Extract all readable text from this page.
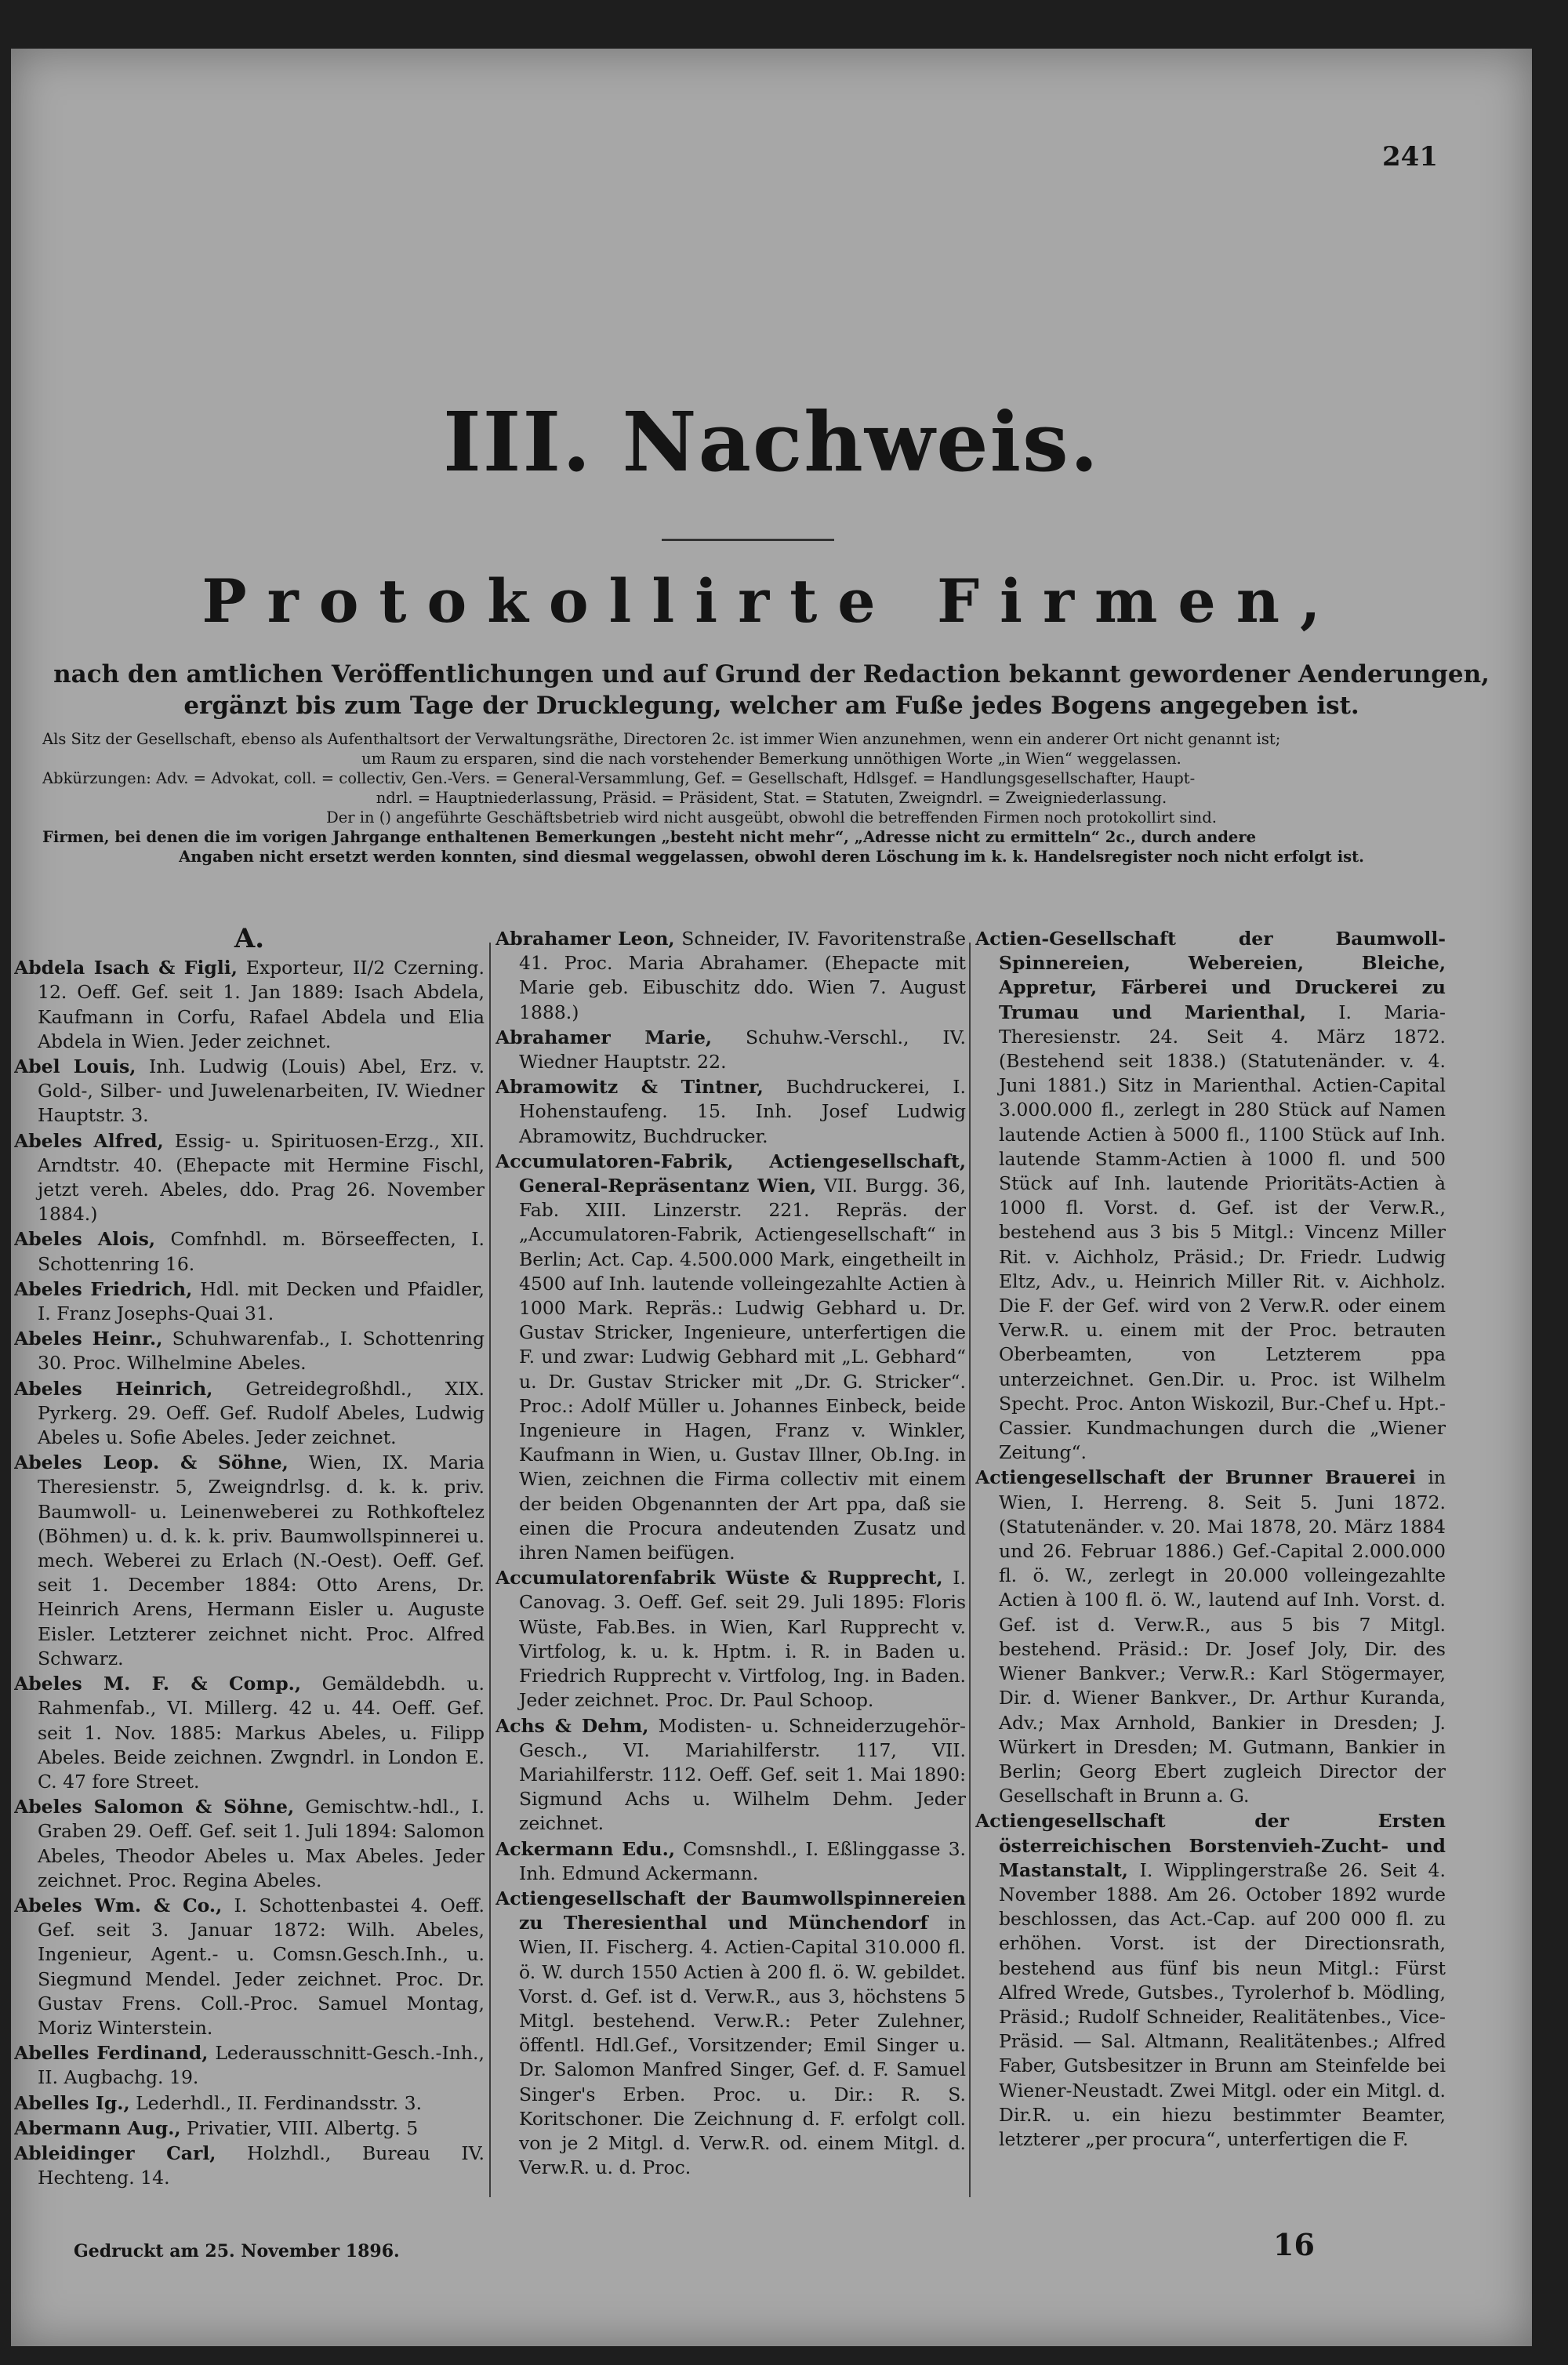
241
III. Nachweis.
Protokollirte Firmen,
nach den amtlichen Veröffentlichungen und auf Grund der Redaction bekannt gewordener Aenderungen,
ergänzt bis zum Tage der Drucklegung, welcher am Fuße jedes Bogens angegeben ist.
Als Sitz der Gesellschaft, ebenso als Aufenthaltsort der Verwaltungsräthe, Directoren 2c. ist immer Wien anzunehmen, wenn ein anderer Ort nicht genannt ist;
um Raum zu ersparen, sind die nach vorstehender Bemerkung unnöthigen Worte „in Wien“ weggelassen.
Abkürzungen: Adv. = Advokat, coll. = collectiv, Gen.-Vers. = General-Versammlung, Gef. = Gesellschaft, Hdlsgef. = Handlungsgesellschafter, Haupt-
ndrl. = Hauptniederlassung, Präsid. = Präsident, Stat. = Statuten, Zweigndrl. = Zweigniederlassung.
Der in () angeführte Geschäftsbetrieb wird nicht ausgeübt, obwohl die betreffenden Firmen noch protokollirt sind.
Firmen, bei denen die im vorigen Jahrgange enthaltenen Bemerkungen „besteht nicht mehr“, „Adresse nicht zu ermitteln“ 2c., durch andere
Angaben nicht ersetzt werden konnten, sind diesmal weggelassen, obwohl deren Löschung im k. k. Handelsregister noch nicht erfolgt ist.
A.
Abdela Isach & Figli, Exporteur, II/2 Czerning. 12. Oeff. Gef. seit 1. Jan 1889: Isach Abdela, Kaufmann in Corfu, Rafael Abdela und Elia Abdela in Wien. Jeder zeichnet.
Abel Louis, Inh. Ludwig (Louis) Abel, Erz. v. Gold-, Silber- und Juwelenarbeiten, IV. Wiedner Hauptstr. 3.
Abeles Alfred, Essig- u. Spirituosen-Erzg., XII. Arndtstr. 40. (Ehepacte mit Hermine Fischl, jetzt vereh. Abeles, ddo. Prag 26. November 1884.)
Abeles Alois, Comfnhdl. m. Börseeffecten, I. Schottenring 16.
Abeles Friedrich, Hdl. mit Decken und Pfaidler, I. Franz Josephs-Quai 31.
Abeles Heinr., Schuhwarenfab., I. Schottenring 30. Proc. Wilhelmine Abeles.
Abeles Heinrich, Getreidegroßhdl., XIX. Pyrkerg. 29. Oeff. Gef. Rudolf Abeles, Ludwig Abeles u. Sofie Abeles. Jeder zeichnet.
Abeles Leop. & Söhne, Wien, IX. Maria Theresienstr. 5, Zweigndrlsg. d. k. k. priv. Baumwoll- u. Leinenweberei zu Rothkoftelez (Böhmen) u. d. k. k. priv. Baumwollspinnerei u. mech. Weberei zu Erlach (N.-Oest). Oeff. Gef. seit 1. December 1884: Otto Arens, Dr. Heinrich Arens, Hermann Eisler u. Auguste Eisler. Letzterer zeichnet nicht. Proc. Alfred Schwarz.
Abeles M. F. & Comp., Gemäldebdh. u. Rahmenfab., VI. Millerg. 42 u. 44. Oeff. Gef. seit 1. Nov. 1885: Markus Abeles, u. Filipp Abeles. Beide zeichnen. Zwgndrl. in London E. C. 47 fore Street.
Abeles Salomon & Söhne, Gemischtw.-hdl., I. Graben 29. Oeff. Gef. seit 1. Juli 1894: Salomon Abeles, Theodor Abeles u. Max Abeles. Jeder zeichnet. Proc. Regina Abeles.
Abeles Wm. & Co., I. Schottenbastei 4. Oeff. Gef. seit 3. Januar 1872: Wilh. Abeles, Ingenieur, Agent.- u. Comsn.Gesch.Inh., u. Siegmund Mendel. Jeder zeichnet. Proc. Dr. Gustav Frens. Coll.-Proc. Samuel Montag, Moriz Winterstein.
Abelles Ferdinand, Lederausschnitt-Gesch.-Inh., II. Augbachg. 19.
Abelles Ig., Lederhdl., II. Ferdinandsstr. 3.
Abermann Aug., Privatier, VIII. Albertg. 5
Ableidinger Carl, Holzhdl., Bureau IV. Hechteng. 14.
Abrahamer Leon, Schneider, IV. Favoritenstraße 41. Proc. Maria Abrahamer. (Ehepacte mit Marie geb. Eibuschitz ddo. Wien 7. August 1888.)
Abrahamer Marie, Schuhw.-Verschl., IV. Wiedner Hauptstr. 22.
Abramowitz & Tintner, Buchdruckerei, I. Hohenstaufeng. 15. Inh. Josef Ludwig Abramowitz, Buchdrucker.
Accumulatoren-Fabrik, Actiengesellschaft, General-Repräsentanz Wien, VII. Burgg. 36, Fab. XIII. Linzerstr. 221. Repräs. der „Accumulatoren-Fabrik, Actiengesellschaft“ in Berlin; Act. Cap. 4.500.000 Mark, eingetheilt in 4500 auf Inh. lautende volleingezahlte Actien à 1000 Mark. Repräs.: Ludwig Gebhard u. Dr. Gustav Stricker, Ingenieure, unterfertigen die F. und zwar: Ludwig Gebhard mit „L. Gebhard“ u. Dr. Gustav Stricker mit „Dr. G. Stricker“. Proc.: Adolf Müller u. Johannes Einbeck, beide Ingenieure in Hagen, Franz v. Winkler, Kaufmann in Wien, u. Gustav Illner, Ob.Ing. in Wien, zeichnen die Firma collectiv mit einem der beiden Obgenannten der Art ppa, daß sie einen die Procura andeutenden Zusatz und ihren Namen beifügen.
Accumulatorenfabrik Wüste & Rupprecht, I. Canovag. 3. Oeff. Gef. seit 29. Juli 1895: Floris Wüste, Fab.Bes. in Wien, Karl Rupprecht v. Virtfolog, k. u. k. Hptm. i. R. in Baden u. Friedrich Rupprecht v. Virtfolog, Ing. in Baden. Jeder zeichnet. Proc. Dr. Paul Schoop.
Achs & Dehm, Modisten- u. Schneiderzugehör-Gesch., VI. Mariahilferstr. 117, VII. Mariahilferstr. 112. Oeff. Gef. seit 1. Mai 1890: Sigmund Achs u. Wilhelm Dehm. Jeder zeichnet.
Ackermann Edu., Comsnshdl., I. Eßlinggasse 3. Inh. Edmund Ackermann.
Actiengesellschaft der Baumwollspinnereien zu Theresienthal und Münchendorf in Wien, II. Fischerg. 4. Actien-Capital 310.000 fl. ö. W. durch 1550 Actien à 200 fl. ö. W. gebildet. Vorst. d. Gef. ist d. Verw.R., aus 3, höchstens 5 Mitgl. bestehend. Verw.R.: Peter Zulehner, öffentl. Hdl.Gef., Vorsitzender; Emil Singer u. Dr. Salomon Manfred Singer, Gef. d. F. Samuel Singer's Erben. Proc. u. Dir.: R. S. Koritschoner. Die Zeichnung d. F. erfolgt coll. von je 2 Mitgl. d. Verw.R. od. einem Mitgl. d. Verw.R. u. d. Proc.
Actien-Gesellschaft der Baumwoll-Spinnereien, Webereien, Bleiche, Appretur, Färberei und Druckerei zu Trumau und Marienthal, I. Maria-Theresienstr. 24. Seit 4. März 1872. (Bestehend seit 1838.) (Statutenänder. v. 4. Juni 1881.) Sitz in Marienthal. Actien-Capital 3.000.000 fl., zerlegt in 280 Stück auf Namen lautende Actien à 5000 fl., 1100 Stück auf Inh. lautende Stamm-Actien à 1000 fl. und 500 Stück auf Inh. lautende Prioritäts-Actien à 1000 fl. Vorst. d. Gef. ist der Verw.R., bestehend aus 3 bis 5 Mitgl.: Vincenz Miller Rit. v. Aichholz, Präsid.; Dr. Friedr. Ludwig Eltz, Adv., u. Heinrich Miller Rit. v. Aichholz. Die F. der Gef. wird von 2 Verw.R. oder einem Verw.R. u. einem mit der Proc. betrauten Oberbeamten, von Letzterem ppa unterzeichnet. Gen.Dir. u. Proc. ist Wilhelm Specht. Proc. Anton Wiskozil, Bur.-Chef u. Hpt.-Cassier. Kundmachungen durch die „Wiener Zeitung“.
Actiengesellschaft der Brunner Brauerei in Wien, I. Herreng. 8. Seit 5. Juni 1872. (Statutenänder. v. 20. Mai 1878, 20. März 1884 und 26. Februar 1886.) Gef.-Capital 2.000.000 fl. ö. W., zerlegt in 20.000 volleingezahlte Actien à 100 fl. ö. W., lautend auf Inh. Vorst. d. Gef. ist d. Verw.R., aus 5 bis 7 Mitgl. bestehend. Präsid.: Dr. Josef Joly, Dir. des Wiener Bankver.; Verw.R.: Karl Stögermayer, Dir. d. Wiener Bankver., Dr. Arthur Kuranda, Adv.; Max Arnhold, Bankier in Dresden; J. Würkert in Dresden; M. Gutmann, Bankier in Berlin; Georg Ebert zugleich Director der Gesellschaft in Brunn a. G.
Actiengesellschaft der Ersten österreichischen Borstenvieh-Zucht- und Mastanstalt, I. Wipplingerstraße 26. Seit 4. November 1888. Am 26. October 1892 wurde beschlossen, das Act.-Cap. auf 200 000 fl. zu erhöhen. Vorst. ist der Directionsrath, bestehend aus fünf bis neun Mitgl.: Fürst Alfred Wrede, Gutsbes., Tyrolerhof b. Mödling, Präsid.; Rudolf Schneider, Realitätenbes., Vice-Präsid. — Sal. Altmann, Realitätenbes.; Alfred Faber, Gutsbesitzer in Brunn am Steinfelde bei Wiener-Neustadt. Zwei Mitgl. oder ein Mitgl. d. Dir.R. u. ein hiezu bestimmter Beamter, letzterer „per procura“, unterfertigen die F.
Gedruckt am 25. November 1896.	16
